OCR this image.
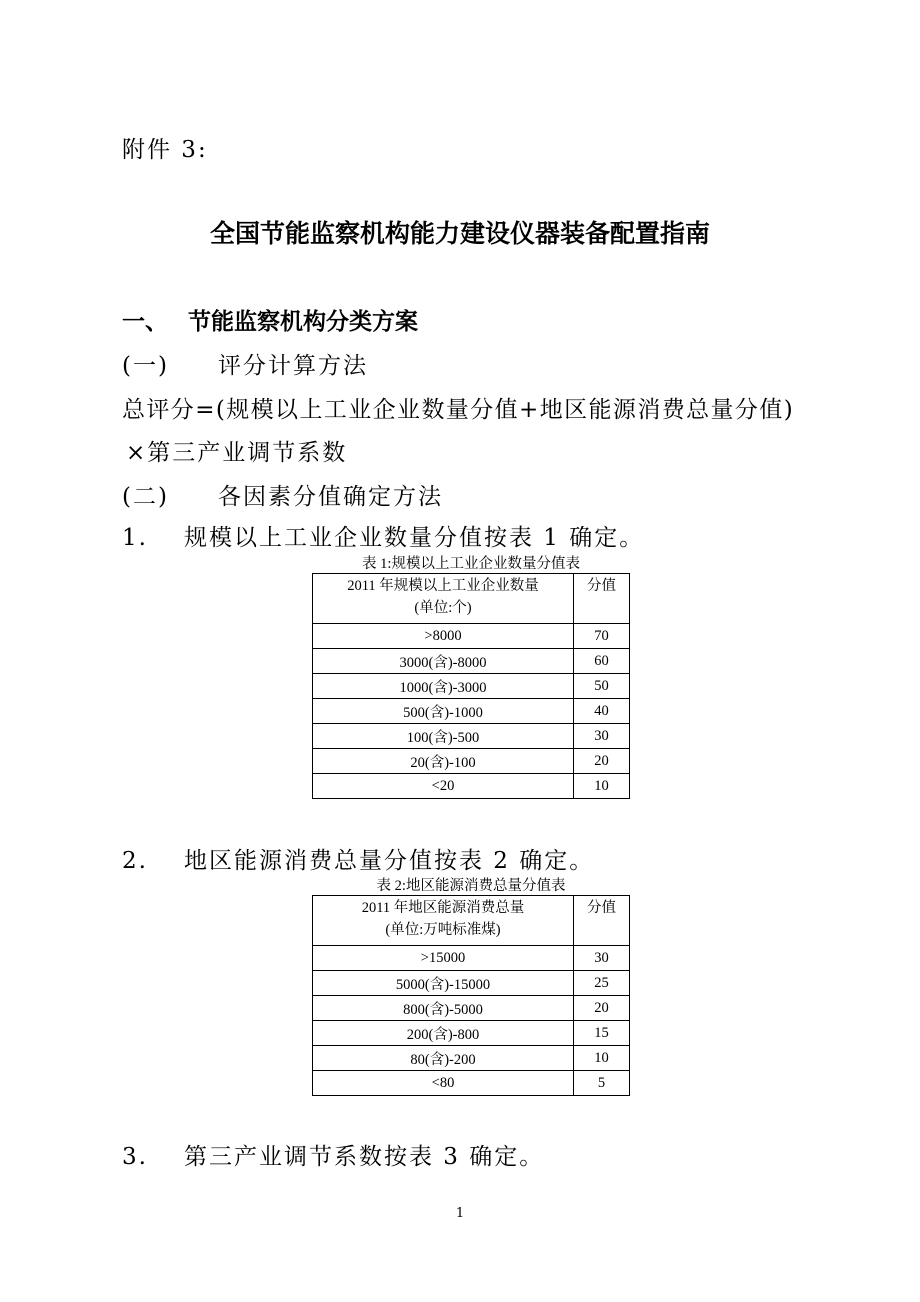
附件 3:
全国节能监察机构能力建设仪器装备配置指南
一、 节能监察机构分类方案
(一) 评分计算方法
总评分=(规模以上工业企业数量分值+地区能源消费总量分值)
×第三产业调节系数
(二) 各因素分值确定方法
1. 规模以上工业企业数量分值按表 1 确定。
表 1:规模以上工业企业数量分值表
2011 年规模以上工业企业数量
(单位:个)	分值
>8000	70
3000(含)-8000	60
1000(含)-3000	50
500(含)-1000	40
100(含)-500	30
20(含)-100	20
<20	10
2. 地区能源消费总量分值按表 2 确定。
表 2:地区能源消费总量分值表
2011 年地区能源消费总量
(单位:万吨标准煤)	分值
>15000	30
5000(含)-15000	25
800(含)-5000	20
200(含)-800	15
80(含)-200	10
<80	5
3. 第三产业调节系数按表 3 确定。
1
